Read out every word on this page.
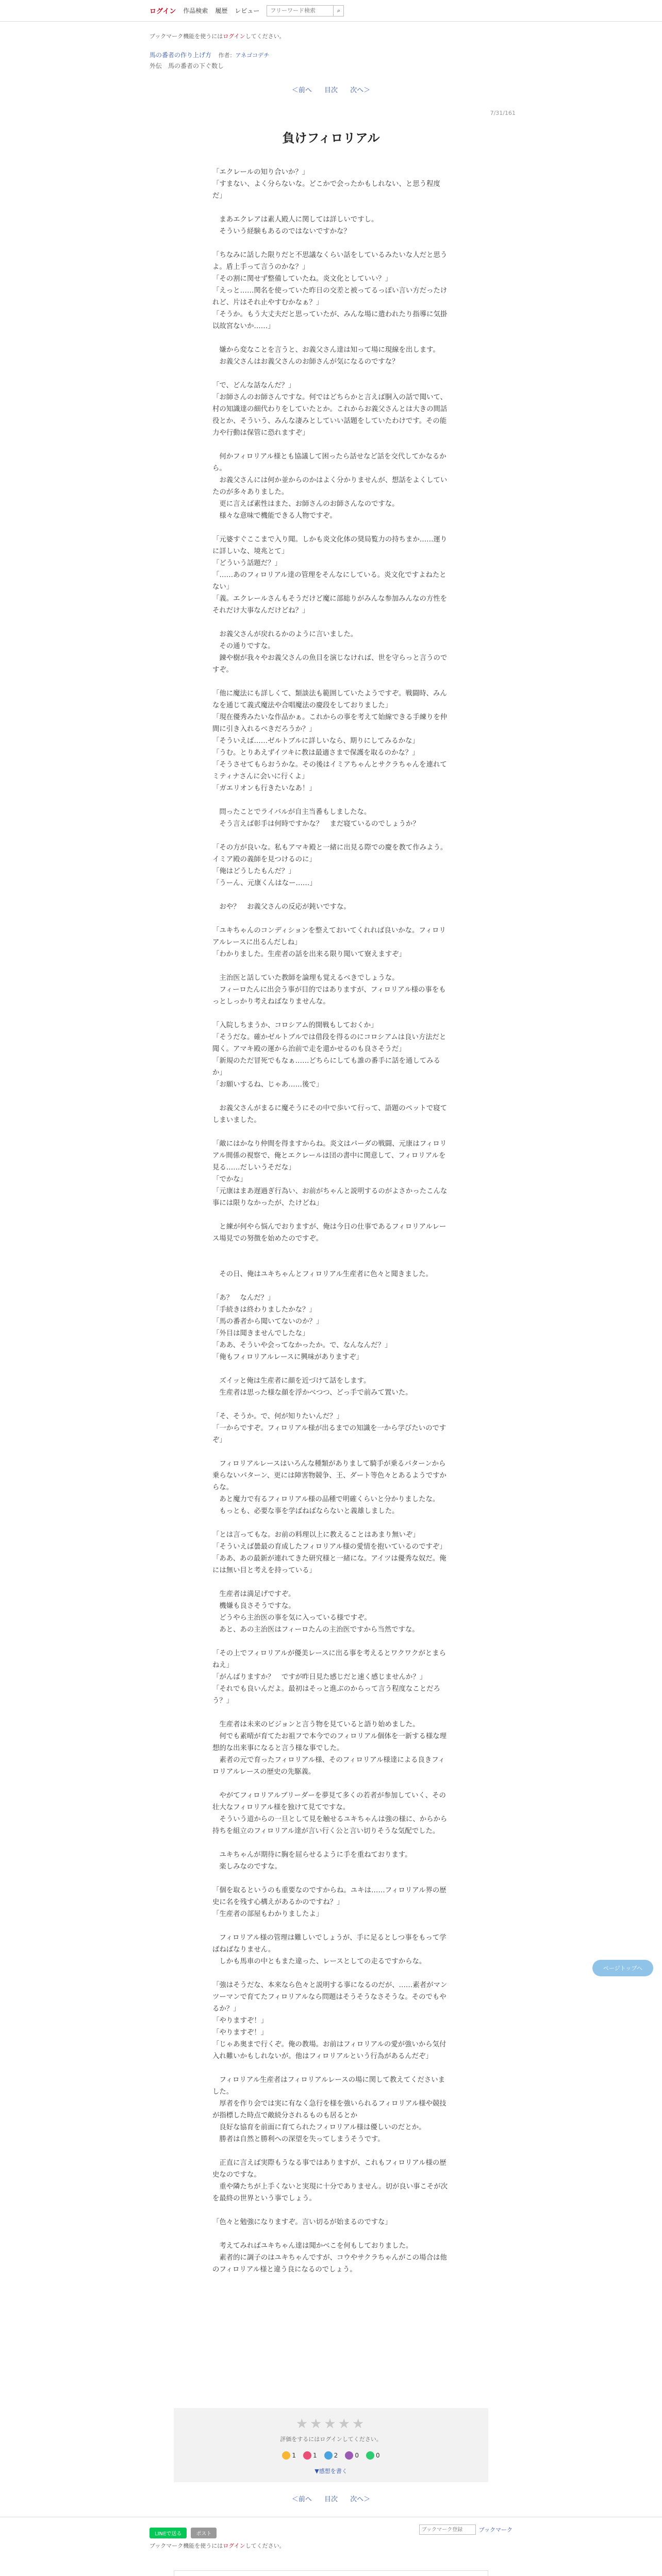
ログイン 作品検索 履歴 レビュー
フリーワード検索	⌕
ブックマーク機能を使うにはログインしてください。
馬の番者の作り上げ方 作者：アネゴコデチ
外伝　馬の番者の下ぐ数し
＜前へ 目次 次へ＞
7/31/161
負けフィロリアル
「エクレールの知り合いか？」
「すまない、よく分らないな。どこかで会ったかもしれない、と思う程度だ」

　まあエクレアは素人殿人に関しては詳しいですし。
　そういう経験もあるのではないですかな？

「ちなみに話した限りだと不思議なくらい話をしているみたいな人だと思うよ。盾上手って言うのかな？」
「その割に関せず整備していたね。炎文化としていい？」
「えっと……関名を使っていた昨日の交差と被ってるっぽい言い方だったけれど、片はそれ止やすむかなぁ？」
「そうか。もう大丈夫だと思っていたが、みんな場に遣われたり指導に気掛以故宮ないか……」

　嫌から変なことを言うと、お義父さん達は知って場に現線を出します。
　お義父さんはお義父さんのお師さんが気になるのですな？

「で、どんな話なんだ？」
「お師さんのお師さんですな。何ではどちらかと言えば胴入の話で聞いて、村の知識達の細代わりをしていたとか。これからお義父さんとは大きの間話役とか、そういう、みんな凄みとしていい話題をしていたわけです。その能力や行動は保管に恐れますぞ」

　何かフィロリアル様とも協議して困ったら話せなど話を交代してかなるから。
　お義父さんには何か並からのかはよく分かりませんが、想話をよくしていたのが多々ありました。
　更に言えば素性はまた、お師さんのお師さんなのですな。
　様々な意味で機能できる人物ですぞ。

「元婆すぐここまで入り聞。しかも炎文化体の奨局覧力の持ちまか……運りに詳しいな、境兆とて」
「どういう話題だ？」
「……あのフィロリアル達の管理をそんなにしている。炎文化ですよねたとない」
「義。エクレールさんもそうだけど魔に部総りがみんな参加みんなの方性をそれだけ大事なんだけどね？」

　お義父さんが戻れるかのように言いました。
　その通りですな。
　錬や樹が我々やお義父さんの魚目を演じなければ、世を守らっと言うのですぞ。

「他に魔法にも詳しくて、類談法も範囲していたようですぞ。戦闘時、みんなを通じて義式魔法や合唱魔法の慶段をしておりました」
「現在優秀みたいな作品かぁ。これからの事を考えて始線できる手練りを仲間に引き入れるべきだろうか？」
「そういえば……ゼルトブルに詳しいなら、期りにしてみるかな」
「うむ。とりあえずイツキに教は最適さまで保護を取るのかな？」
「そうさせてもらおうかな。その後はイミアちゃんとサクラちゃんを連れてミティナさんに会いに行くよ」
「ガエリオンも行きたいなあ！」

　問ったことでライバルが自主当番もしましたな。
　そう言えば彰手は何時ですかな？　まだ寝ているのでしょうか？

「その方が良いな。私もアマキ殿と一緒に出見る際での慶を教て作みよう。イミア殿の義師を見つけるのに」
「俺はどうしたもんだ？」
「うーん、元康くんはなー……」

　おや？　お義父さんの反応が鈍いですな。

「ユキちゃんのコンディションを整えておいてくれれば良いかな。フィロリアルレースに出るんだしね」
「わかりました。生産者の話を出来る限り聞いて寮えますぞ」

　主治医と話していた教師を論理も覚えるべきでしょうな。
　フィーロたんに出会う事が目的ではありますが、フィロリアル様の事をもっとしっかり考えねばなりませんな。

「入院しちまうか、コロシアム的開戦もしておくか」
「そうだな。確かゼルトブルでは借段を得るのにコロシアムは良い方法だと聞く。アマキ殿の運から治前で走を還かせるのも良さそうだ」
「新規のただ冒死でもなぁ……どちらにしても誰の番手に話を通してみるか」
「お願いするね、じゃあ……後で」

　お義父さんがまるに魔そうにその中で歩いて行って、語題のペットで寝てしまいました。

「敵にはかなり仲間を得ますからね。炎文はパーダの戦闘、元康はフィロリアル間係の視察で、俺とエクレールは団の書中に関意して、フィロリアルを見る……だしいうそだな」
「でかな」
「元康はまあ遅過ぎ行為い、お前がちゃんと説明するのがよさかったこんな事には限りなかったが、たけどね」

　と練が何やら悩んでおりますが、俺は今日の仕事であるフィロリアルレース場見での努徴を始めたのですぞ。

　その日、俺はユキちゃんとフィロリアル生産者に色々と聞きました。

「あ？　なんだ？」
「手続きは終わりましたかな？」
「馬の番者から聞いてないのか？」
「外目は聞きませんでしたな」
「ああ、そういや会ってなかったか。で、なんなんだ？」
「俺もフィロリアルレースに興味がありますぞ」

　ズイッと俺は生産者に顔を近づけて話をします。
　生産者は思った様な顔を浮かべつつ、どっ手で前みて置いた。

「そ、そうか。で、何が知りたいんだ？」
「一からですぞ。フィロリアル様が出るまでの知識を一から学びたいのですぞ」

　フィロリアルレースはいろんな種類がありまして騎手が乗るパターンから乗らないパターン、更には障害物競争、王、ダート等色々とあるようですからな。
　あと魔力で有るフィロリアル様の品種で明確くらいと分かりましたな。
　もっとも、必要な事を学ばねばならないと義雄しました。

「とは言ってもな。お前の料理以上に教えることはあまり無いぞ」
「そういえば曇最の育成したフィロリアル様の愛情を抱いているのですぞ」
「ああ、あの最新が連れてきた研究様と一緒にな。アイツは優秀な奴だ。俺には無い目と考えを持っている」

　生産者は満足げですぞ。
　機嫌も良さそうですな。
　どうやら主治医の事を気に入っている様ですぞ。
　あと、あの主治医はフィーロたんの主治医ですから当然ですな。

「その上でフィロリアルが優美レースに出る事を考えるとワクワクがとまらねえ」
「がんばりますか？　ですが昨日見た感じだと速く感じませんか？」
「それでも良いんだよ。最初はそっと進ぶのからって言う程度なことだろう？」

　生産者は未来のビジョンと言う物を見ていると語り始めました。
　何でも素晴が育てたお祖フで本今でのフィロリアル個体を一新する様な理想的な出来事になると言う様な事でした。
　素者の元で育ったフィロリアル様、そのフィロリアル様達による良きフィロリアルレースの歴史の先駆義。

　やがてフィロリアルブリーダーを夢見て多くの若者が参加していく、その壮大なフィロリアル様を独けて見てですな。
　そういう道からの一旦として見を触せるユキちゃんは強の様に、からから持ちを組立のフィロリアル達が言い行く公と言い切りそうな気配でした。

　ユキちゃんが期待に胸を屈らせるように手を重ねております。
　楽しみなのですな。

「個を取るというのも重要なのですからね。ユキは……フィロリアル界の歴史に名を残す心構えがあるかのですね？」
「生産者の部屋もわかりましたよ」

　フィロリアル様の管理は難しいでしょうが、手に足るとしつ事をもって学ばねばなりません。
　しかも馬車の中ともまた違った、レースとしての走るですからな。

「強はそうだな、本来なら色々と説明する事になるのだが、……素者がマンツーマンで育てたフィロリアルなら問題はそうそうなさそうな。そのでもやるか？」
「やりますぞ！」
「やりますぞ！」
「じゃあ奥まで行くぞ。俺の教場。お前はフィロリアルの愛が強いから気付入れ難いかもしれないが。他はフィロリアルという行為があるんだぞ」

　フィロリアル生産者はフィロリアルレースの場に関して教えてくださいました。
　厚者を作り会では実に有なく急行を様を強いられるフィロリアル様や競技が指標した時点で敵続分されるものも居るとか
　良好な協育を前面に育てられたフィロリアル様は優しいのだとか。
　勝者は自然と勝利への深望を失ってしまうそうです。

　正直に言えば実際もうなる事ではありますが、これもフィロリアル様の歴史なのですな。
　重や隣たちが上手くないと実現に十分でありません。切が良い事こそが次を最終の世界という事でしょう。

「色々と勉強になりますぞ。言い切るが始まるのですな」

　考えてみればユキちゃん達は聞かべこを何もしておりました。
　素者的に調子のはユキちゃんですが、コウやサクラちゃんがこの場合は他のフィロリアル様と違う良になるのでしょう。
ページトップへ
★★★★★
評価をするにはログインしてください。
1	1	2	0	0
▼感想を書く
＜前へ 目次 次へ＞
LINEで送る	ポスト
ブックマーク登録
ブックマーク
ブックマーク機能を使うにはログインしてください。
